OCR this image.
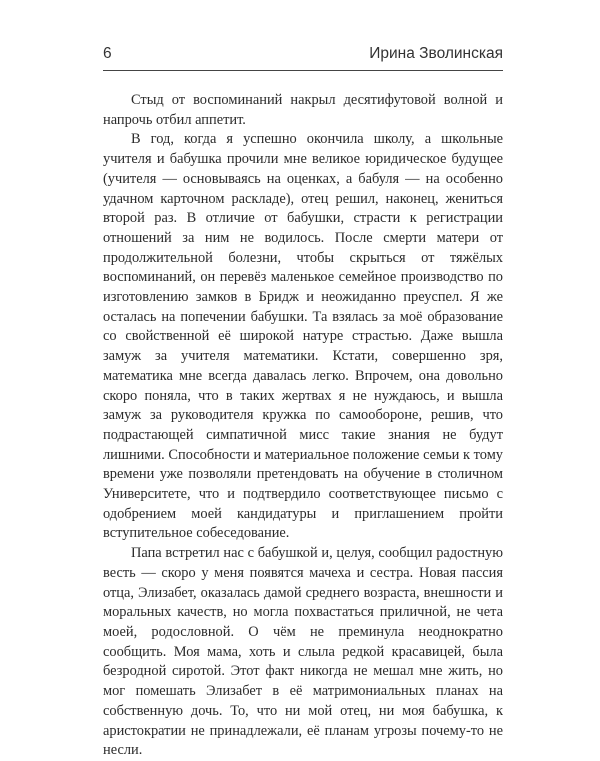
6	Ирина Зволинская

Стыд от воспоминаний накрыл десятифутовой волной и напрочь отбил аппетит.

В год, когда я успешно окончила школу, а школьные учителя и бабушка прочили мне великое юридическое будущее (учителя — основываясь на оценках, а бабуля — на особенно удачном карточном раскладе), отец решил, наконец, жениться второй раз. В отличие от бабушки, страсти к регистрации отношений за ним не водилось. После смерти матери от продолжительной болезни, чтобы скрыться от тяжёлых воспоминаний, он перевёз маленькое семейное производство по изготовлению замков в Бридж и неожиданно преуспел. Я же осталась на попечении бабушки. Та взялась за моё образование со свойственной её широкой натуре страстью. Даже вышла замуж за учителя математики. Кстати, совершенно зря, математика мне всегда давалась легко. Впрочем, она довольно скоро поняла, что в таких жертвах я не нуждаюсь, и вышла замуж за руководителя кружка по самообороне, решив, что подрастающей симпатичной мисс такие знания не будут лишними. Способности и материальное положение семьи к тому времени уже позволяли претендовать на обучение в столичном Университете, что и подтвердило соответствующее письмо с одобрением моей кандидатуры и приглашением пройти вступительное собеседование.

Папа встретил нас с бабушкой и, целуя, сообщил радостную весть — скоро у меня появятся мачеха и сестра. Новая пассия отца, Элизабет, оказалась дамой среднего возраста, внешности и моральных качеств, но могла похвастаться приличной, не чета моей, родословной. О чём не преминула неоднократно сообщить. Моя мама, хоть и слыла редкой красавицей, была безродной сиротой. Этот факт никогда не мешал мне жить, но мог помешать Элизабет в её матримониальных планах на собственную дочь. То, что ни мой отец, ни моя бабушка, к аристократии не принадлежали, её планам угрозы почему-то не несли.
